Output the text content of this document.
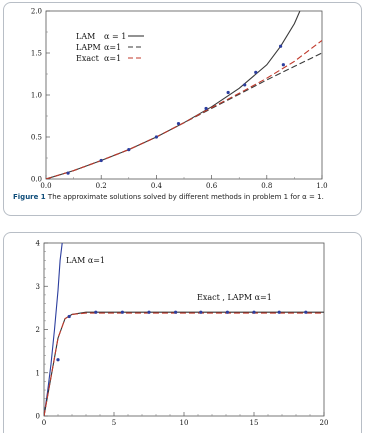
0.0	0.2	0.4	0.6	0.8	1.0
0.0
0.5
1.0
1.5
2.0
LAM α = 1
LAPM α=1
Exact α=1
Figure 1 The approximate solutions solved by different methods in problem 1 for α = 1.
0	5	10	15	20
0
1
2
3
4
LAM α=1
Exact , LAPM α=1
